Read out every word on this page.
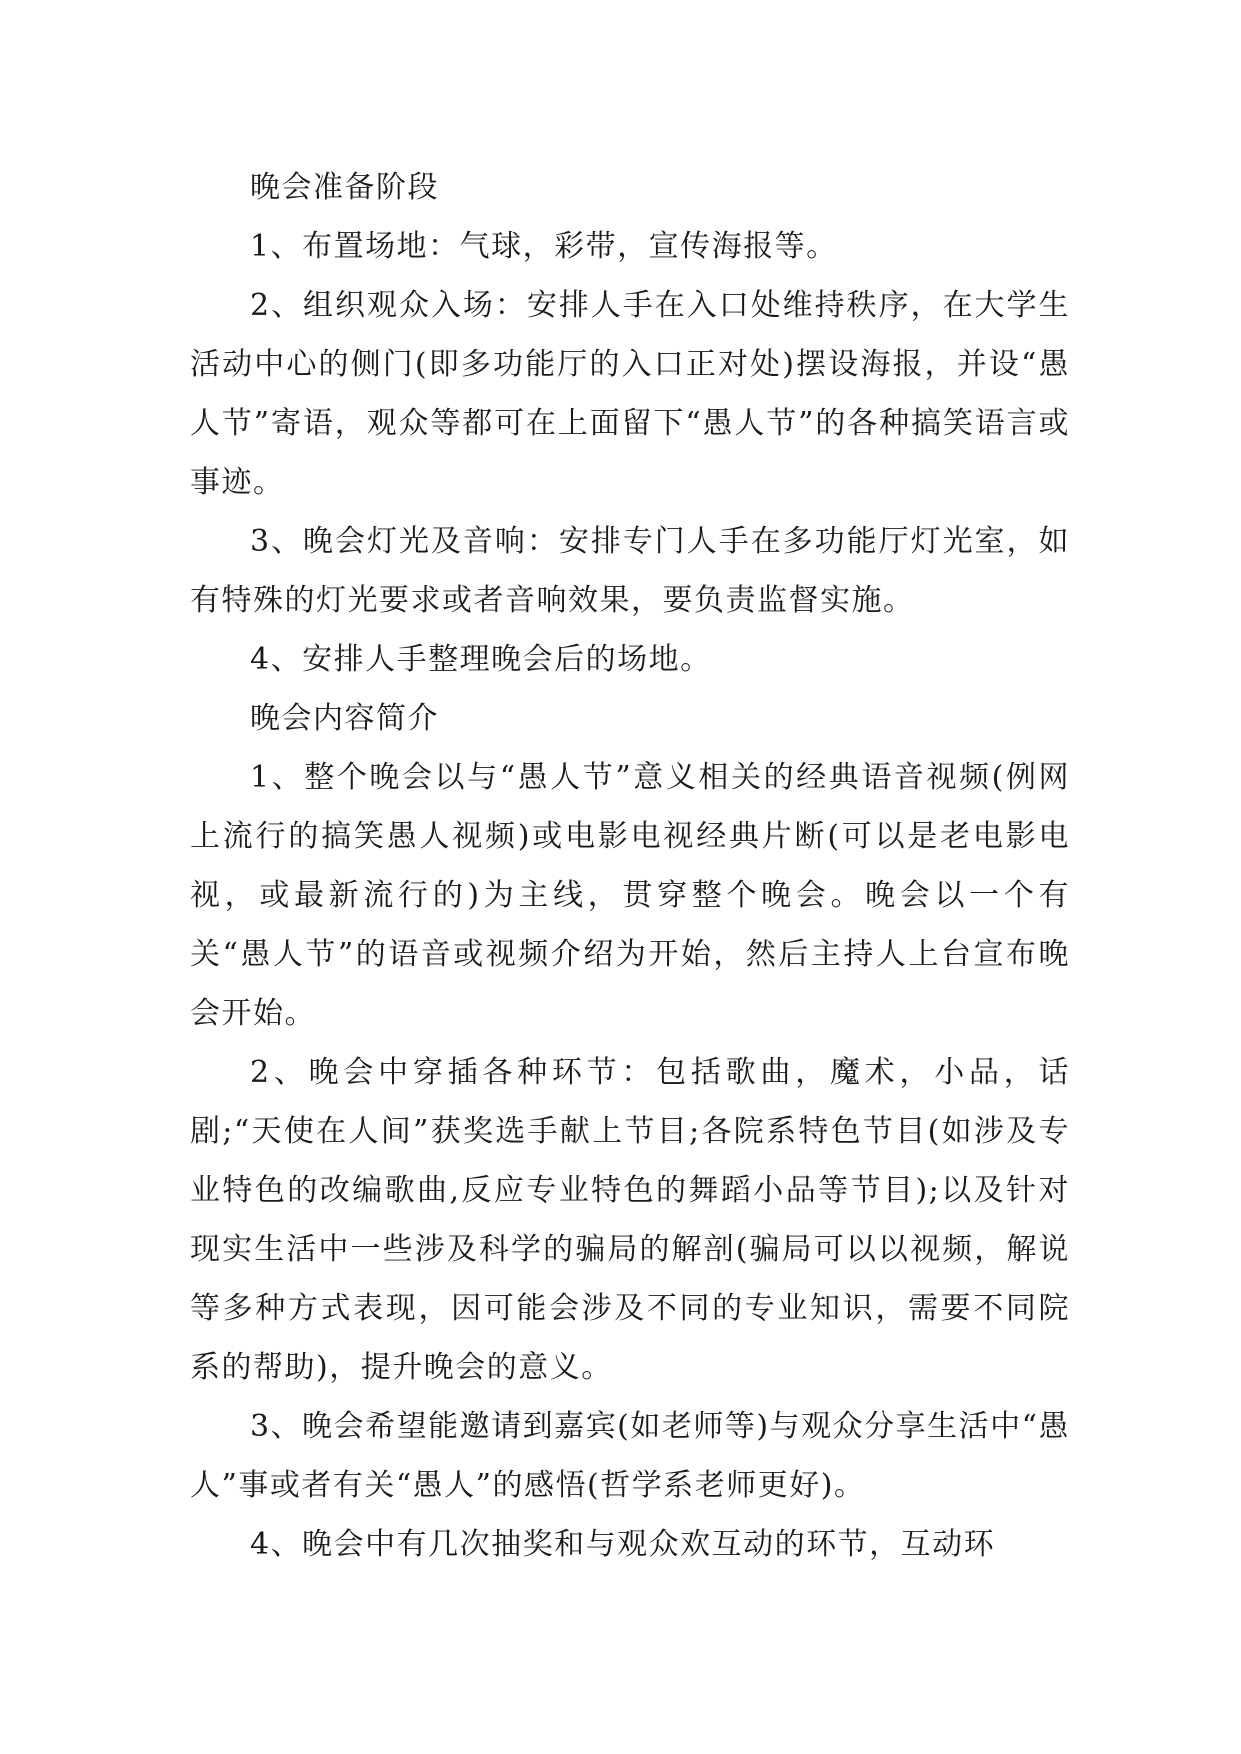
晚会准备阶段

1、布置场地：气球，彩带，宣传海报等。

2、组织观众入场：安排人手在入口处维持秩序，在大学生活动中心的侧门(即多功能厅的入口正对处)摆设海报，并设“愚人节”寄语，观众等都可在上面留下“愚人节”的各种搞笑语言或事迹。

3、晚会灯光及音响：安排专门人手在多功能厅灯光室，如有特殊的灯光要求或者音响效果，要负责监督实施。

4、安排人手整理晚会后的场地。

晚会内容简介

1、整个晚会以与“愚人节”意义相关的经典语音视频(例网上流行的搞笑愚人视频)或电影电视经典片断(可以是老电影电视，或最新流行的)为主线，贯穿整个晚会。晚会以一个有关“愚人节”的语音或视频介绍为开始，然后主持人上台宣布晚会开始。

2、晚会中穿插各种环节：包括歌曲，魔术，小品，话剧;“天使在人间”获奖选手献上节目;各院系特色节目(如涉及专业特色的改编歌曲,反应专业特色的舞蹈小品等节目);以及针对现实生活中一些涉及科学的骗局的解剖(骗局可以以视频，解说等多种方式表现，因可能会涉及不同的专业知识，需要不同院系的帮助)，提升晚会的意义。

3、晚会希望能邀请到嘉宾(如老师等)与观众分享生活中“愚人”事或者有关“愚人”的感悟(哲学系老师更好)。

4、晚会中有几次抽奖和与观众欢互动的环节，互动环
